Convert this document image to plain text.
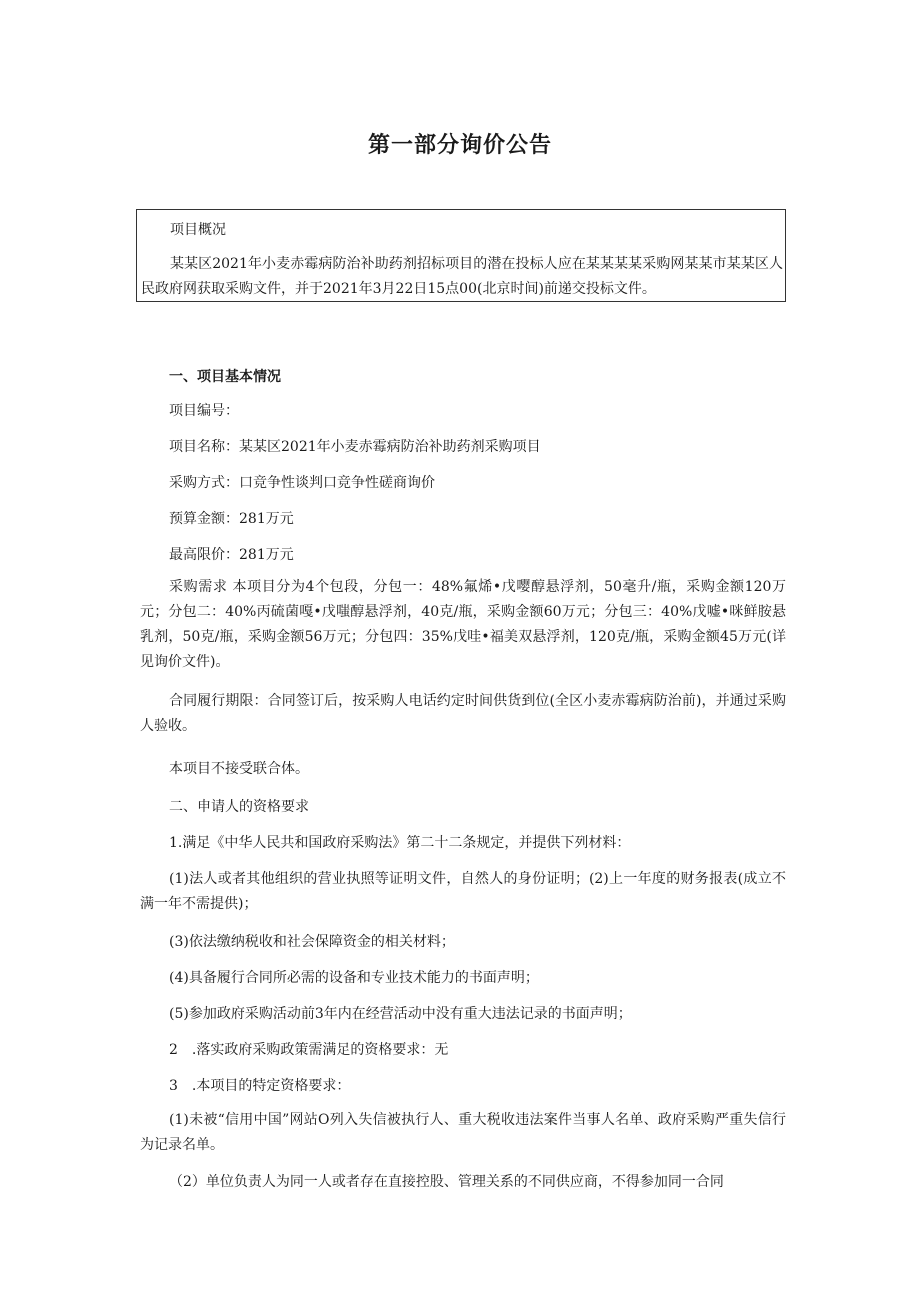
第一部分询价公告
项目概况
某某区2021年小麦赤霉病防治补助药剂招标项目的潜在投标人应在某某某某采购网某某市某某区人民政府网获取采购文件，并于2021年3月22日15点00(北京时间)前递交投标文件。
一、项目基本情况
项目编号：
项目名称：某某区2021年小麦赤霉病防治补助药剂采购项目
采购方式：口竞争性谈判口竞争性磋商询价
预算金额：281万元
最高限价：281万元
采购需求 本项目分为4个包段，分包一：48%氟烯•戊嘤醇悬浮剂，50毫升/瓶，采购金额120万元；分包二：40%丙硫菌嘎•戊嗤醇悬浮剂，40克/瓶，采购金额60万元；分包三：40%戊嘘•咪鲜胺悬乳剂，50克/瓶，采购金额56万元；分包四：35%戊哇•福美双悬浮剂，120克/瓶，采购金额45万元(详见询价文件)。
合同履行期限：合同签订后，按采购人电话约定时间供货到位(全区小麦赤霉病防治前)，并通过采购人验收。
本项目不接受联合体。
二、申请人的资格要求
1.满足《中华人民共和国政府采购法》第二十二条规定，并提供下列材料：
(1)法人或者其他组织的营业执照等证明文件，自然人的身份证明；(2)上一年度的财务报表(成立不满一年不需提供)；
(3)依法缴纳税收和社会保障资金的相关材料；
(4)具备履行合同所必需的设备和专业技术能力的书面声明；
(5)参加政府采购活动前3年内在经营活动中没有重大违法记录的书面声明；
2　.落实政府采购政策需满足的资格要求：无
3　.本项目的特定资格要求：
(1)未被“信用中国”网站O列入失信被执行人、重大税收违法案件当事人名单、政府采购严重失信行为记录名单。
（2）单位负责人为同一人或者存在直接控股、管理关系的不同供应商，不得参加同一合同
